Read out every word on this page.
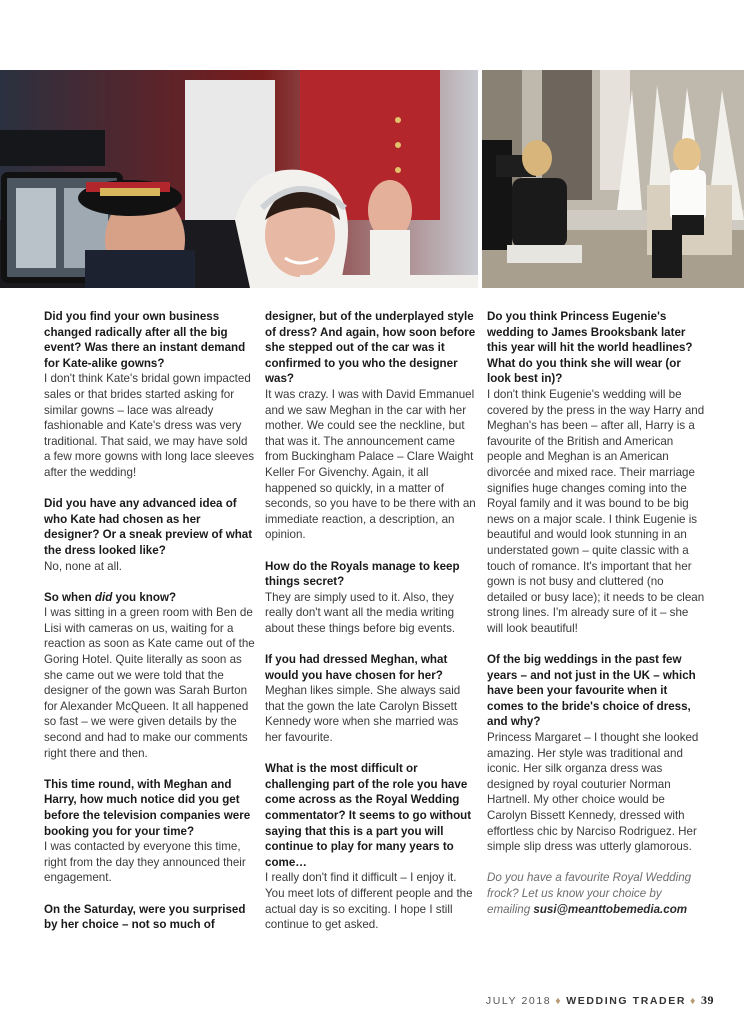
Did you find your own business changed radically after all the big event? Was there an instant demand for Kate-alike gowns?

I don't think Kate's bridal gown impacted sales or that brides started asking for similar gowns – lace was already fashionable and Kate's dress was very traditional. That said, we may have sold a few more gowns with long lace sleeves after the wedding!

Did you have any advanced idea of who Kate had chosen as her designer? Or a sneak preview of what the dress looked like?

No, none at all.

So when did you know?

I was sitting in a green room with Ben de Lisi with cameras on us, waiting for a reaction as soon as Kate came out of the Goring Hotel. Quite literally as soon as she came out we were told that the designer of the gown was Sarah Burton for Alexander McQueen. It all happened so fast – we were given details by the second and had to make our comments right there and then.

This time round, with Meghan and Harry, how much notice did you get before the television companies were booking you for your time?

I was contacted by everyone this time, right from the day they announced their engagement.

On the Saturday, were you surprised by her choice – not so much of

designer, but of the underplayed style of dress? And again, how soon before she stepped out of the car was it confirmed to you who the designer was?

It was crazy. I was with David Emmanuel and we saw Meghan in the car with her mother. We could see the neckline, but that was it. The announcement came from Buckingham Palace – Clare Waight Keller For Givenchy. Again, it all happened so quickly, in a matter of seconds, so you have to be there with an immediate reaction, a description, an opinion.

How do the Royals manage to keep things secret?

They are simply used to it. Also, they really don't want all the media writing about these things before big events.

If you had dressed Meghan, what would you have chosen for her?

Meghan likes simple. She always said that the gown the late Carolyn Bissett Kennedy wore when she married was her favourite.

What is the most difficult or challenging part of the role you have come across as the Royal Wedding commentator? It seems to go without saying that this is a part you will continue to play for many years to come…

I really don't find it difficult – I enjoy it. You meet lots of different people and the actual day is so exciting. I hope I still continue to get asked.

Do you think Princess Eugenie's wedding to James Brooksbank later this year will hit the world headlines? What do you think she will wear (or look best in)?

I don't think Eugenie's wedding will be covered by the press in the way Harry and Meghan's has been – after all, Harry is a favourite of the British and American people and Meghan is an American divorcée and mixed race. Their marriage signifies huge changes coming into the Royal family and it was bound to be big news on a major scale. I think Eugenie is beautiful and would look stunning in an understated gown – quite classic with a touch of romance. It's important that her gown is not busy and cluttered (no detailed or busy lace); it needs to be clean strong lines. I'm already sure of it – she will look beautiful!

Of the big weddings in the past few years – and not just in the UK – which have been your favourite when it comes to the bride's choice of dress, and why?

Princess Margaret – I thought she looked amazing. Her style was traditional and iconic. Her silk organza dress was designed by royal couturier Norman Hartnell. My other choice would be Carolyn Bissett Kennedy, dressed with effortless chic by Narciso Rodriguez. Her simple slip dress was utterly glamorous.

Do you have a favourite Royal Wedding frock? Let us know your choice by emailing susi@meanttobemedia.com

JULY 2018 ♦ WEDDING TRADER ♦ 39
